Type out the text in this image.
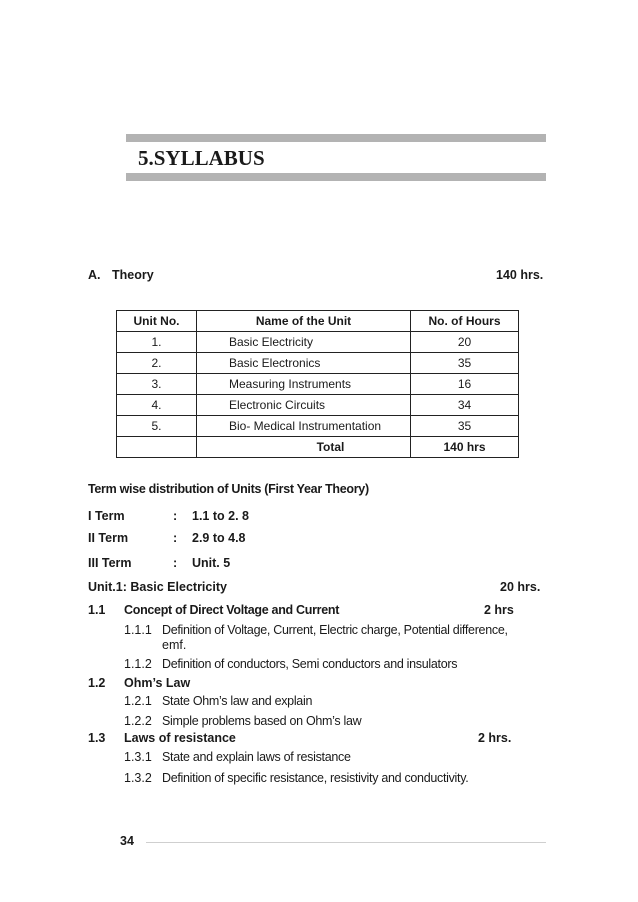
5.SYLLABUS
A. Theory	140 hrs.
Unit No.	Name of the Unit	No. of Hours
1.	Basic Electricity	20
2.	Basic Electronics	35
3.	Measuring Instruments	16
4.	Electronic Circuits	34
5.	Bio- Medical Instrumentation	35
	Total	140 hrs
Term wise distribution of Units (First Year Theory)
I Term	: 1.1 to 2. 8
II Term	: 2.9 to 4.8
III Term	: Unit. 5
Unit.1: Basic Electricity	20 hrs.
1.1 Concept of Direct Voltage and Current	2 hrs
1.1.1 Definition of Voltage, Current, Electric charge, Potential difference,
emf.
1.1.2 Definition of conductors, Semi conductors and insulators
1.2 Ohm’s Law
1.2.1 State Ohm’s law and explain
1.2.2 Simple problems based on Ohm’s law
1.3 Laws of resistance	2 hrs.
1.3.1 State and explain laws of resistance
1.3.2 Definition of specific resistance, resistivity and conductivity.
34
